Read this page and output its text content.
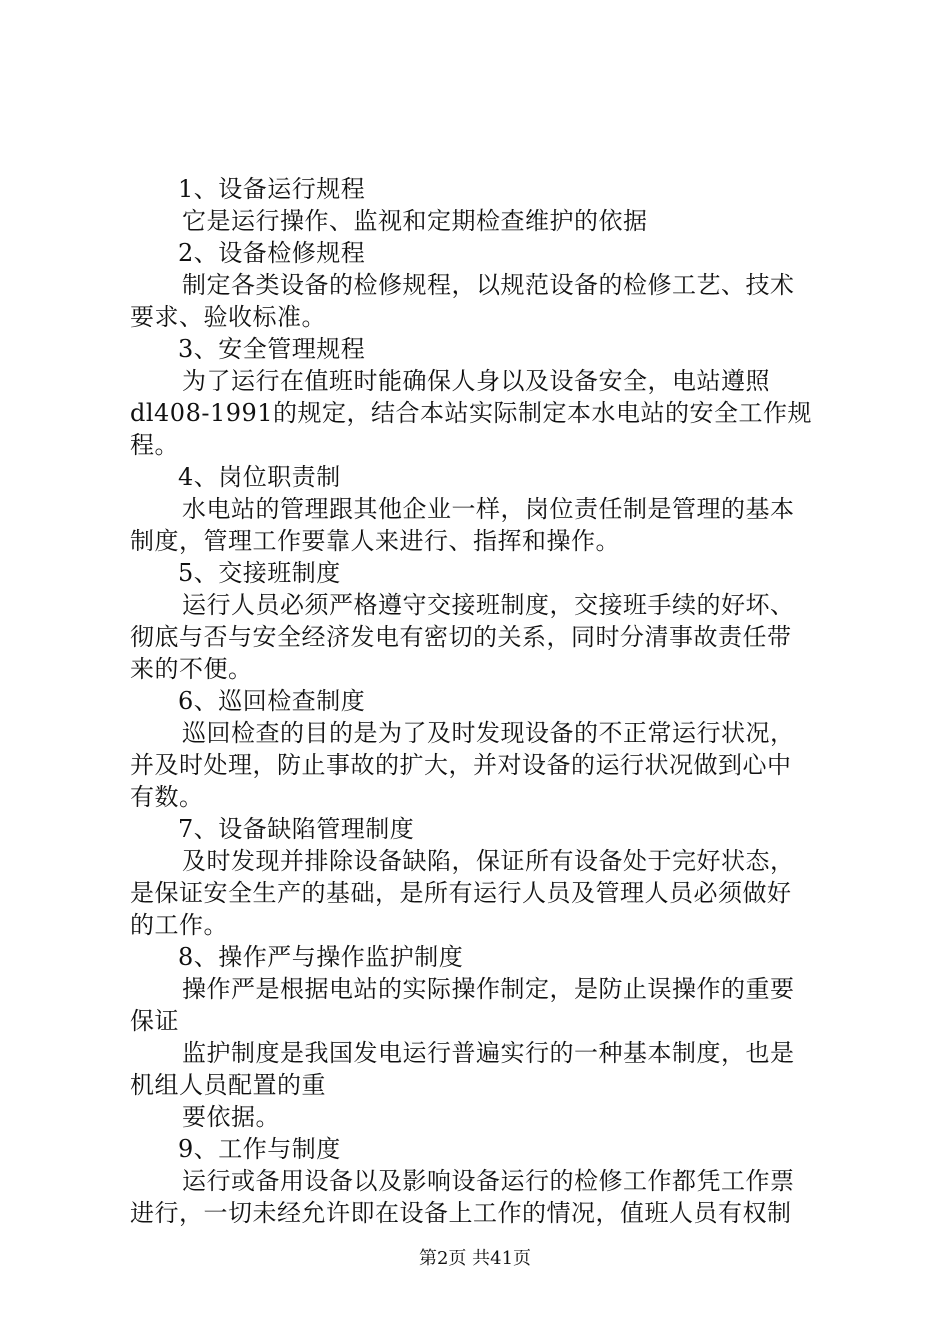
1、设备运行规程
它是运行操作、监视和定期检查维护的依据
2、设备检修规程
制定各类设备的检修规程，以规范设备的检修工艺、技术
要求、验收标准。
3、安全管理规程
为了运行在值班时能确保人身以及设备安全，电站遵照
dl408-1991的规定，结合本站实际制定本水电站的安全工作规
程。
4、岗位职责制
水电站的管理跟其他企业一样，岗位责任制是管理的基本
制度，管理工作要靠人来进行、指挥和操作。
5、交接班制度
运行人员必须严格遵守交接班制度，交接班手续的好坏、
彻底与否与安全经济发电有密切的关系，同时分清事故责任带
来的不便。
6、巡回检查制度
巡回检查的目的是为了及时发现设备的不正常运行状况，
并及时处理，防止事故的扩大，并对设备的运行状况做到心中
有数。
7、设备缺陷管理制度
及时发现并排除设备缺陷，保证所有设备处于完好状态，
是保证安全生产的基础，是所有运行人员及管理人员必须做好
的工作。
8、操作严与操作监护制度
操作严是根据电站的实际操作制定，是防止误操作的重要
保证
监护制度是我国发电运行普遍实行的一种基本制度，也是
机组人员配置的重
要依据。
9、工作与制度
运行或备用设备以及影响设备运行的检修工作都凭工作票
进行，一切未经允许即在设备上工作的情况，值班人员有权制
第2页 共41页
